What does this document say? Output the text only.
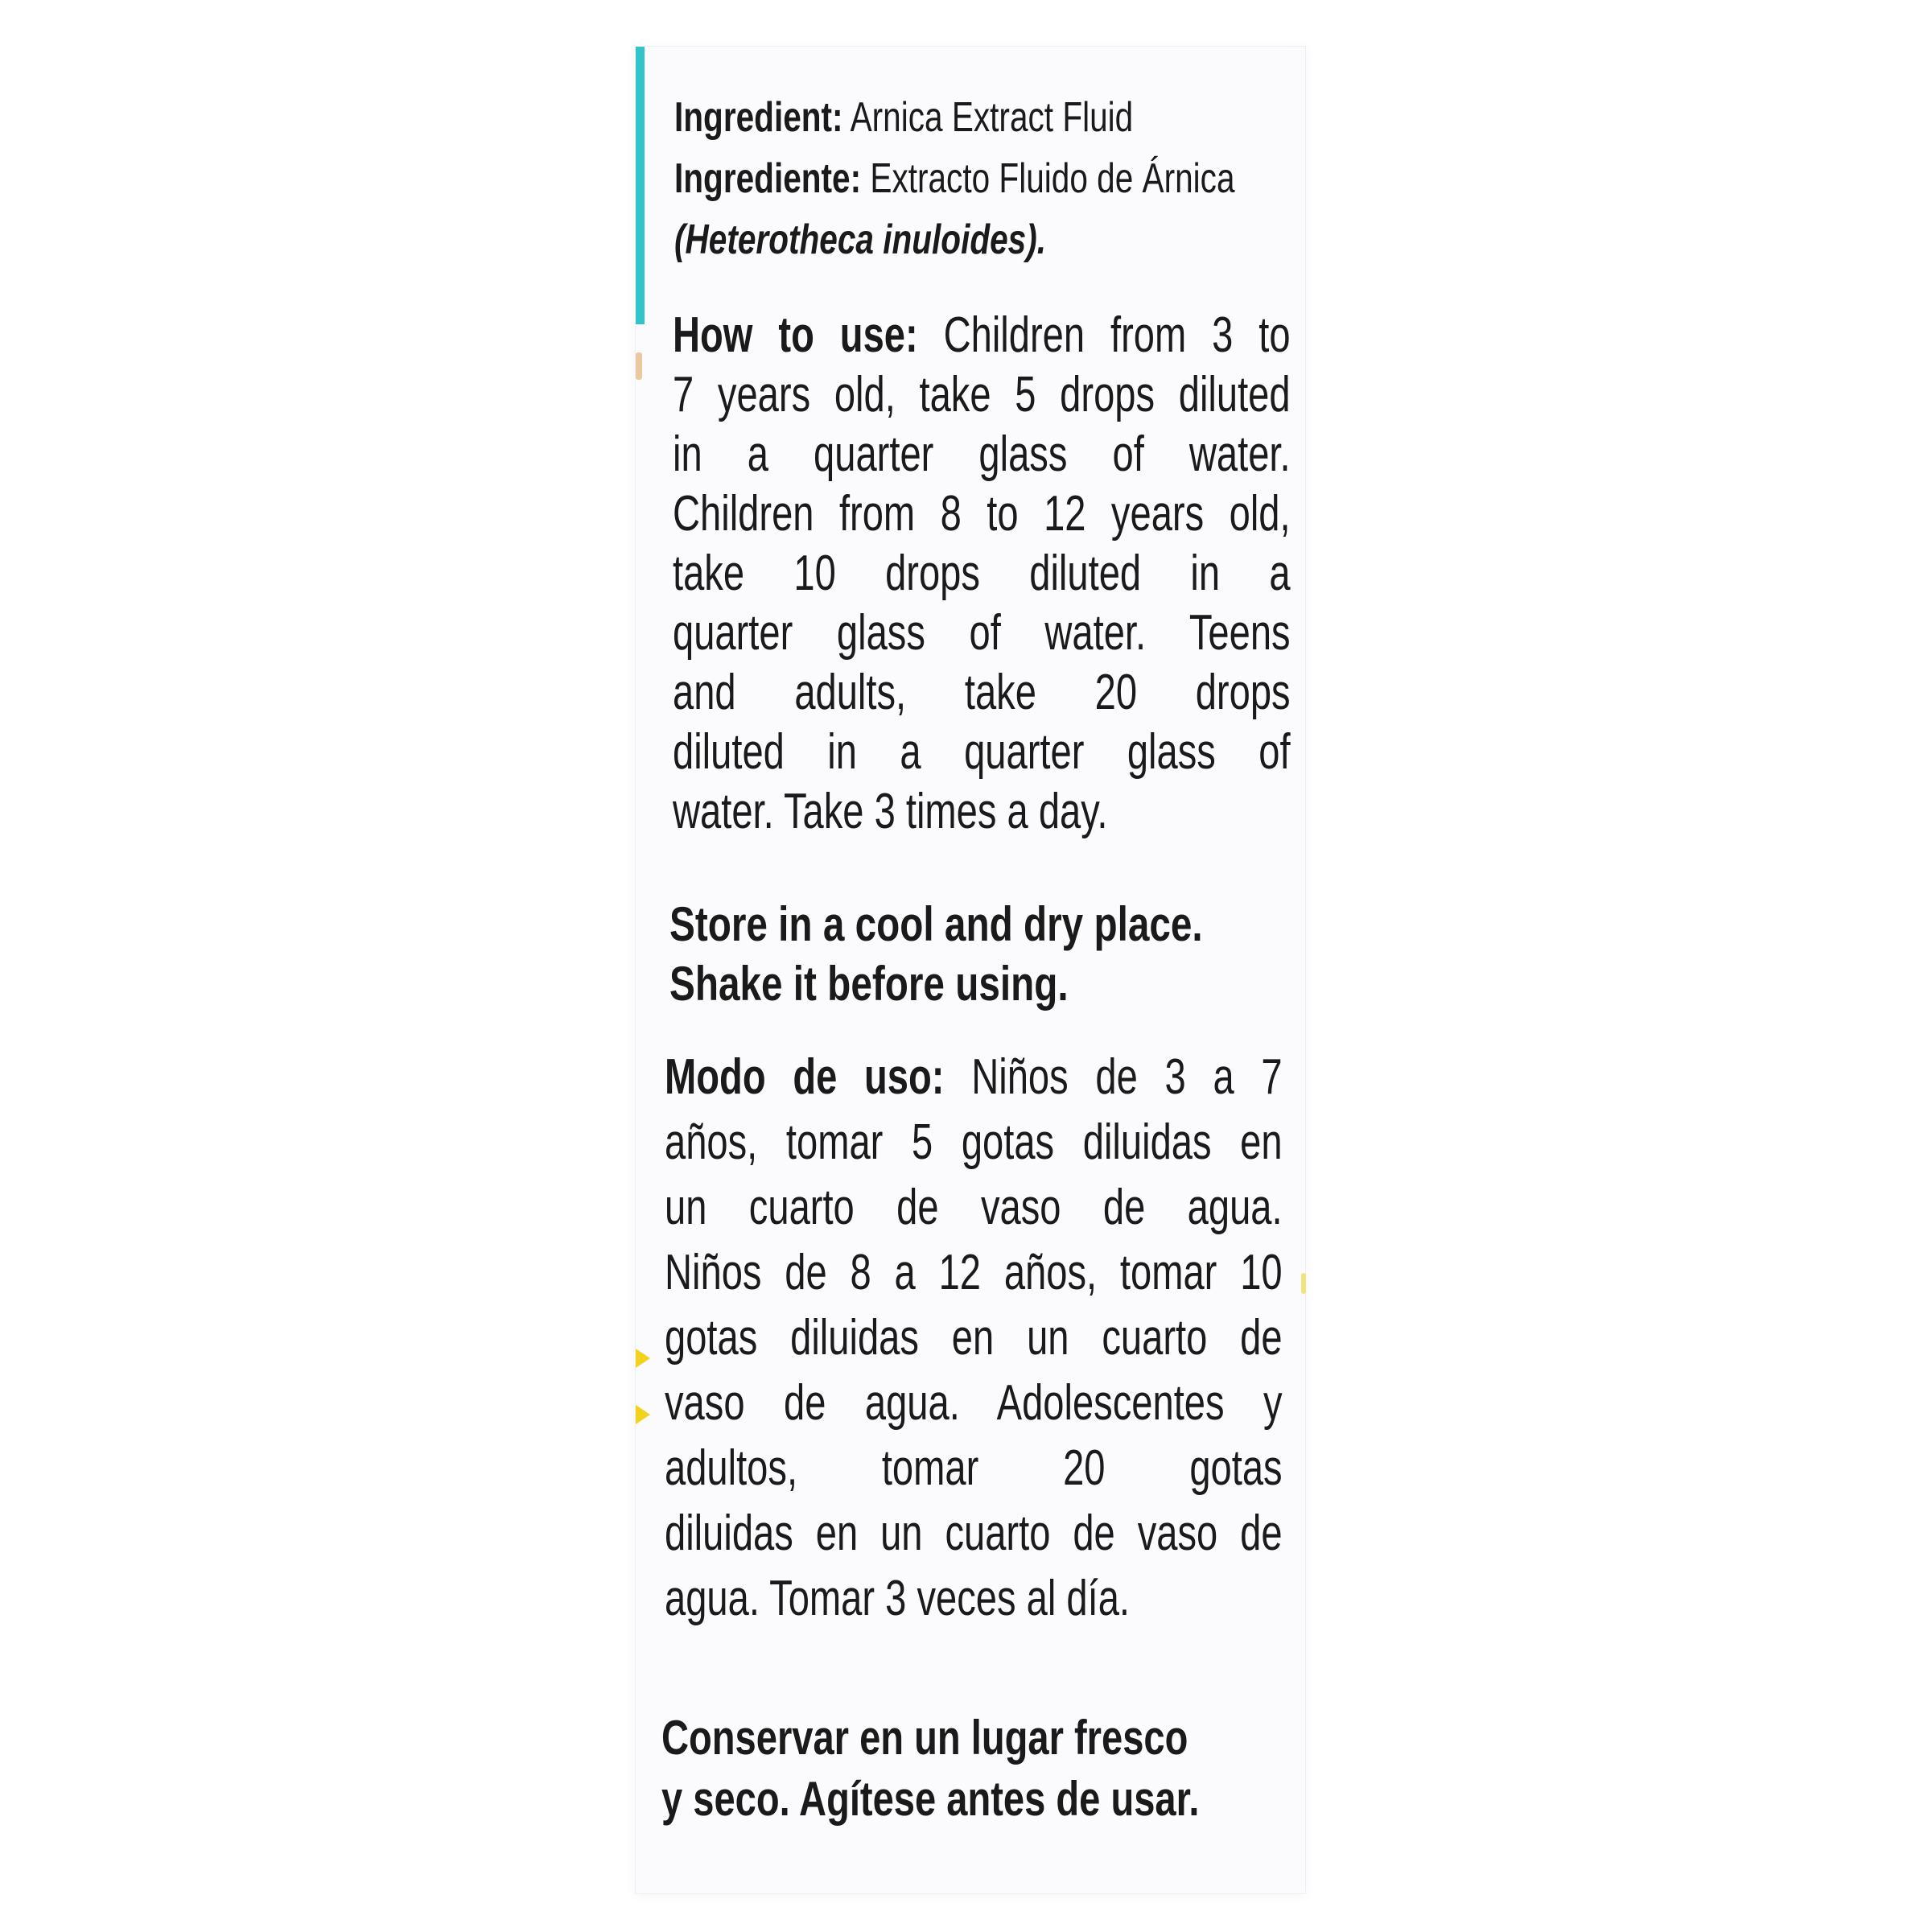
Ingredient: Arnica Extract Fluid
Ingrediente: Extracto Fluido de Árnica
(Heterotheca inuloides).
How to use: Children from 3 to
7 years old, take 5 drops diluted
in a quarter glass of water.
Children from 8 to 12 years old,
take 10 drops diluted in a
quarter glass of water. Teens
and adults, take 20 drops
diluted in a quarter glass of
water. Take 3 times a day.
Store in a cool and dry place.
Shake it before using.
Modo de uso: Niños de 3 a 7
años, tomar 5 gotas diluidas en
un cuarto de vaso de agua.
Niños de 8 a 12 años, tomar 10
gotas diluidas en un cuarto de
vaso de agua. Adolescentes y
adultos, tomar 20 gotas
diluidas en un cuarto de vaso de
agua. Tomar 3 veces al día.
Conservar en un lugar fresco
y seco. Agítese antes de usar.
